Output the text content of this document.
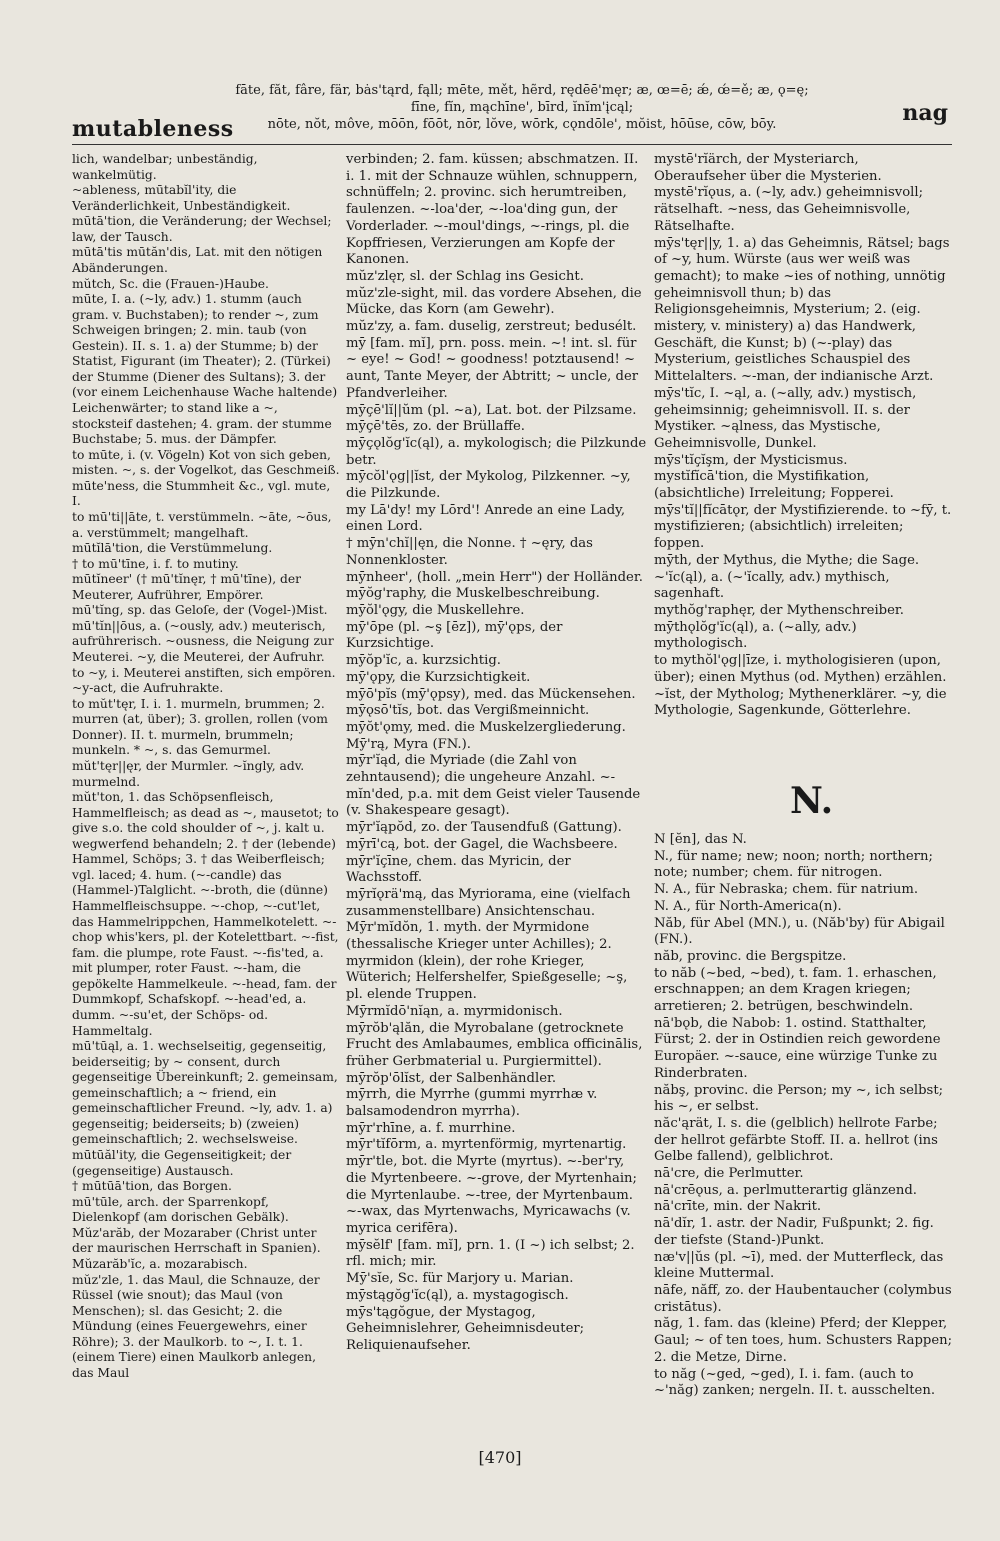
mutableness
nag
fāte, făt, fâre, fär, bȧs'tąrd, fąll; mēte, mět, hẽrd, rędēē'męr; æ, œ=ē; ǽ, œ́=ě; æ, ǫ=ę;
fīne, fĭn, mąchīne', bīrd, ĭnĭm'įcąl;
nōte, nŏt, môve, mōōn, fōōt, nōr, lŏve, wōrk, cǫndōle', mŏist, hōūse, cōw, bōy.

lich, wandelbar; unbeständig, wankelmütig.

~ableness, mūtabĭl'ity, die Veränderlichkeit, Unbeständigkeit.

mūtā'tion, die Veränderung; der Wechsel; law, der Tausch.

mūtā'tis mūtăn'dis, Lat. mit den nötigen Abänderungen.

mŭtch, Sc. die (Frauen-)Haube.

mūte, I. a. (~ly, adv.) 1. stumm (auch gram. v. Buchstaben); to render ~, zum Schweigen bringen; 2. min. taub (von Gestein). II. s. 1. a) der Stumme; b) der Statist, Figurant (im Theater); 2. (Türkei) der Stumme (Diener des Sultans); 3. der (vor einem Leichenhause Wache haltende) Leichenwärter; to stand like a ~, stocksteif dastehen; 4. gram. der stumme Buchstabe; 5. mus. der Dämpfer.

to mūte, i. (v. Vögeln) Kot von sich geben, misten. ~, s. der Vogelkot, das Geschmeiß.

mūte'ness, die Stummheit &c., vgl. mute, I.

to mū'ti||āte, t. verstümmeln. ~āte, ~ōus, a. verstümmelt; mangelhaft.

mūtĭlā'tion, die Verstümmelung.

† to mū'tīne, i. f. to mutiny.

mūtĭneer' († mū'tĭnęr, † mū'tīne), der Meuterer, Aufrührer, Empörer.

mū'tĭng, sp. das Geloſe, der (Vogel-)Mist.

mū'tĭn||ōus, a. (~ously, adv.) meuterisch, aufrührerisch. ~ousness, die Neigung zur Meuterei. ~y, die Meuterei, der Aufruhr. to ~y, i. Meuterei anstiften, sich empören. ~y-act, die Aufruhrakte.

to mŭt'tęr, I. i. 1. murmeln, brummen; 2. murren (at, über); 3. grollen, rollen (vom Donner). II. t. murmeln, brummeln; munkeln. * ~, s. das Gemurmel.

mŭt'tęr||ęr, der Murmler. ~ĭngly, adv. murmelnd.

mŭt'ton, 1. das Schöpsenfleisch, Hammelfleisch; as dead as ~, mausetot; to give s.o. the cold shoulder of ~, j. kalt u. wegwerfend behandeln; 2. † der (lebende) Hammel, Schöps; 3. † das Weiberfleisch; vgl. laced; 4. hum. (~-candle) das (Hammel-)Talglicht. ~-broth, die (dünne) Hammelfleischsuppe. ~-chop, ~-cut'let, das Hammelrippchen, Hammelkotelett. ~-chop whis'kers, pl. der Kotelettbart. ~-fist, fam. die plumpe, rote Faust. ~-fis'ted, a. mit plumper, roter Faust. ~-ham, die gepökelte Hammelkeule. ~-head, fam. der Dummkopf, Schafskopf. ~-head'ed, a. dumm. ~-su'et, der Schöps- od. Hammeltalg.

mū'tūąl, a. 1. wechselseitig, gegenseitig, beiderseitig; by ~ consent, durch gegenseitige Übereinkunft; 2. gemeinsam, gemeinschaftlich; a ~ friend, ein gemeinschaftlicher Freund. ~ly, adv. 1. a) gegenseitig; beiderseits; b) (zweien) gemeinschaftlich; 2. wechselsweise.

mūtūăl'ity, die Gegenseitigkeit; der (gegenseitige) Austausch.

† mūtūā'tion, das Borgen.

mū'tūle, arch. der Sparrenkopf, Dielenkopf (am dorischen Gebälk).

Mŭz'arăb, der Mozaraber (Christ unter der maurischen Herrschaft in Spanien).

Mŭzarăb'ĭc, a. mozarabisch.

mŭz'zle, 1. das Maul, die Schnauze, der Rüssel (wie snout); das Maul (von Menschen); sl. das Gesicht; 2. die Mündung (eines Feuergewehrs, einer Röhre); 3. der Maulkorb. to ~, I. t. 1. (einem Tiere) einen Maulkorb anlegen, das Maul

verbinden; 2. fam. küssen; abschmatzen. II. i. 1. mit der Schnauze wühlen, schnuppern, schnüffeln; 2. provinc. sich herumtreiben, faulenzen. ~-loa'der, ~-loa'ding gun, der Vorderlader. ~-moul'dings, ~-rings, pl. die Kopffriesen, Verzierungen am Kopfe der Kanonen.

mŭz'zlęr, sl. der Schlag ins Gesicht.

mŭz'zle-sight, mil. das vordere Absehen, die Mücke, das Korn (am Gewehr).

mŭz'zy, a. fam. duselig, zerstreut; bedusélt.

mȳ [fam. mĭ], prn. poss. mein. ~! int. sl. für ~ eye! ~ God! ~ goodness! potztausend! ~ aunt, Tante Meyer, der Abtritt; ~ uncle, der Pfandverleiher.

mȳçē'lĭ||ŭm (pl. ~a), Lat. bot. der Pilzsame.

mȳçē'tēs, zo. der Brüllaffe.

mȳçǫlŏg'ĭc(ąl), a. mykologisch; die Pilzkunde betr.

mȳcŏl'ǫg||ĭst, der Mykolog, Pilzkenner. ~y, die Pilzkunde.

my Lā'dy! my Lōrd'! Anrede an eine Lady, einen Lord.

† mȳn'chĭ||ęn, die Nonne. † ~ęry, das Nonnenkloster.

mȳnheer', (holl. „mein Herr") der Holländer.

mȳŏg'raphy, die Muskelbeschreibung.

mȳŏl'ǫgy, die Muskellehre.

mȳ'ōpe (pl. ~ş [ēz]), mȳ'ǫps, der Kurzsichtige.

mȳŏp'ĭc, a. kurzsichtig.

mȳ'ǫpy, die Kurzsichtigkeit.

mȳō'pĭs (mȳ'ǫpsy), med. das Mückensehen.

mȳǫsō'tĭs, bot. das Vergißmeinnicht.

mȳŏt'ǫmy, med. die Muskelzergliederung.

Mȳ'rą, Myra (FN.).

mȳr'ĭąd, die Myriade (die Zahl von zehntausend); die ungeheure Anzahl. ~-mĭn'ded, p.a. mit dem Geist vieler Tausende (v. Shakespeare gesagt).

mȳr'ĭąpŏd, zo. der Tausendfuß (Gattung).

mȳrī'cą, bot. der Gagel, die Wachsbeere.

mȳr'ĭçīne, chem. das Myricin, der Wachsstoff.

mȳrĭǫrä'mą, das Myriorama, eine (vielfach zusammenstellbare) Ansichtenschau.

Mȳr'mĭdŏn, 1. myth. der Myrmidone (thessalische Krieger unter Achilles); 2. myrmidon (klein), der rohe Krieger, Wüterich; Helfershelfer, Spießgeselle; ~ş, pl. elende Truppen.

Mȳrmĭdō'nĭąn, a. myrmidonisch.

mȳrŏb'ąlăn, die Myrobalane (getrocknete Frucht des Amlabaumes, emblica officinālis, früher Gerbmaterial u. Purgiermittel).

mȳrŏp'ōlĭst, der Salbenhändler.

mȳrrh, die Myrrhe (gummi myrrhæ v. balsamodendron myrrha).

mȳr'rhīne, a. f. murrhine.

mȳr'tĭfōrm, a. myrtenförmig, myrtenartig.

mȳr'tle, bot. die Myrte (myrtus). ~-ber'ry, die Myrtenbeere. ~-grove, der Myrtenhain; die Myrtenlaube. ~-tree, der Myrtenbaum. ~-wax, das Myrtenwachs, Myricawachs (v. myrica cerifēra).

mȳsĕlf' [fam. mĭ], prn. 1. (I ~) ich selbst; 2. rfl. mich; mir.

Mȳ'sĭe, Sc. für Marjory u. Marian.

mȳstągŏg'ĭc(ąl), a. mystagogisch.

mȳs'tągŏgue, der Mystagog, Geheimnislehrer, Geheimnisdeuter; Reliquienaufseher.

mystē'rĭärch, der Mysteriarch, Oberaufseher über die Mysterien.

mystē'rĭǫus, a. (~ly, adv.) geheimnisvoll; rätselhaft. ~ness, das Geheimnisvolle, Rätselhafte.

mȳs'tęr||y, 1. a) das Geheimnis, Rätsel; bags of ~y, hum. Würste (aus wer weiß was gemacht); to make ~ies of nothing, unnötig geheimnisvoll thun; b) das Religionsgeheimnis, Mysterium; 2. (eig. mistery, v. ministery) a) das Handwerk, Geschäft, die Kunst; b) (~-play) das Mysterium, geistliches Schauspiel des Mittelalters. ~-man, der indianische Arzt.

mȳs'tĭc, I. ~ąl, a. (~ally, adv.) mystisch, geheimsinnig; geheimnisvoll. II. s. der Mystiker. ~ąlness, das Mystische, Geheimnisvolle, Dunkel.

mȳs'tĭçĭşm, der Mysticismus.

mystĭfĭcā'tion, die Mystifikation, (absichtliche) Irreleitung; Fopperei.

mȳs'tĭ||fĭcātǫr, der Mystifizierende. to ~fȳ, t. mystifizieren; (absichtlich) irreleiten; foppen.

mȳth, der Mythus, die Mythe; die Sage. ~'ĭc(ąl), a. (~'ĭcally, adv.) mythisch, sagenhaft.

mythŏg'raphęr, der Mythenschreiber.

mȳthǫlŏg'ĭc(ąl), a. (~ally, adv.) mythologisch.

to mythŏl'ǫg||īze, i. mythologisieren (upon, über); einen Mythus (od. Mythen) erzählen. ~ĭst, der Mytholog; Mythenerklärer. ~y, die Mythologie, Sagenkunde, Götterlehre.

N.

N [ĕn], das N.

N., für name; new; noon; north; northern; note; number; chem. für nitrogen.

N. A., für Nebraska; chem. für natrium.

N. A., für North-America(n).

Năb, für Abel (MN.), u. (Năb'by) für Abigail (FN.).

năb, provinc. die Bergspitze.

to năb (~bed, ~bed), t. fam. 1. erhaschen, erschnappen; an dem Kragen kriegen; arretieren; 2. betrügen, beschwindeln.

nā'bǫb, die Nabob: 1. ostind. Statthalter, Fürst; 2. der in Ostindien reich gewordene Europäer. ~-sauce, eine würzige Tunke zu Rinderbraten.

năbş, provinc. die Person; my ~, ich selbst; his ~, er selbst.

năc'ąrät, I. s. die (gelblich) hellrote Farbe; der hellrot gefärbte Stoff. II. a. hellrot (ins Gelbe fallend), gelblichrot.

nā'cre, die Perlmutter.

nā'crēǫus, a. perlmutterartig glänzend.

nā'crīte, min. der Nakrit.

nā'dĭr, 1. astr. der Nadir, Fußpunkt; 2. fig. der tiefste (Stand-)Punkt.

næ'v||ŭs (pl. ~ī), med. der Mutterfleck, das kleine Muttermal.

nāfe, năff, zo. der Haubentaucher (colymbus cristātus).

năg, 1. fam. das (kleine) Pferd; der Klepper, Gaul; ~ of ten toes, hum. Schusters Rappen; 2. die Metze, Dirne.

to năg (~ged, ~ged), I. i. fam. (auch to ~'năg) zanken; nergeln. II. t. ausschelten.

[470]
